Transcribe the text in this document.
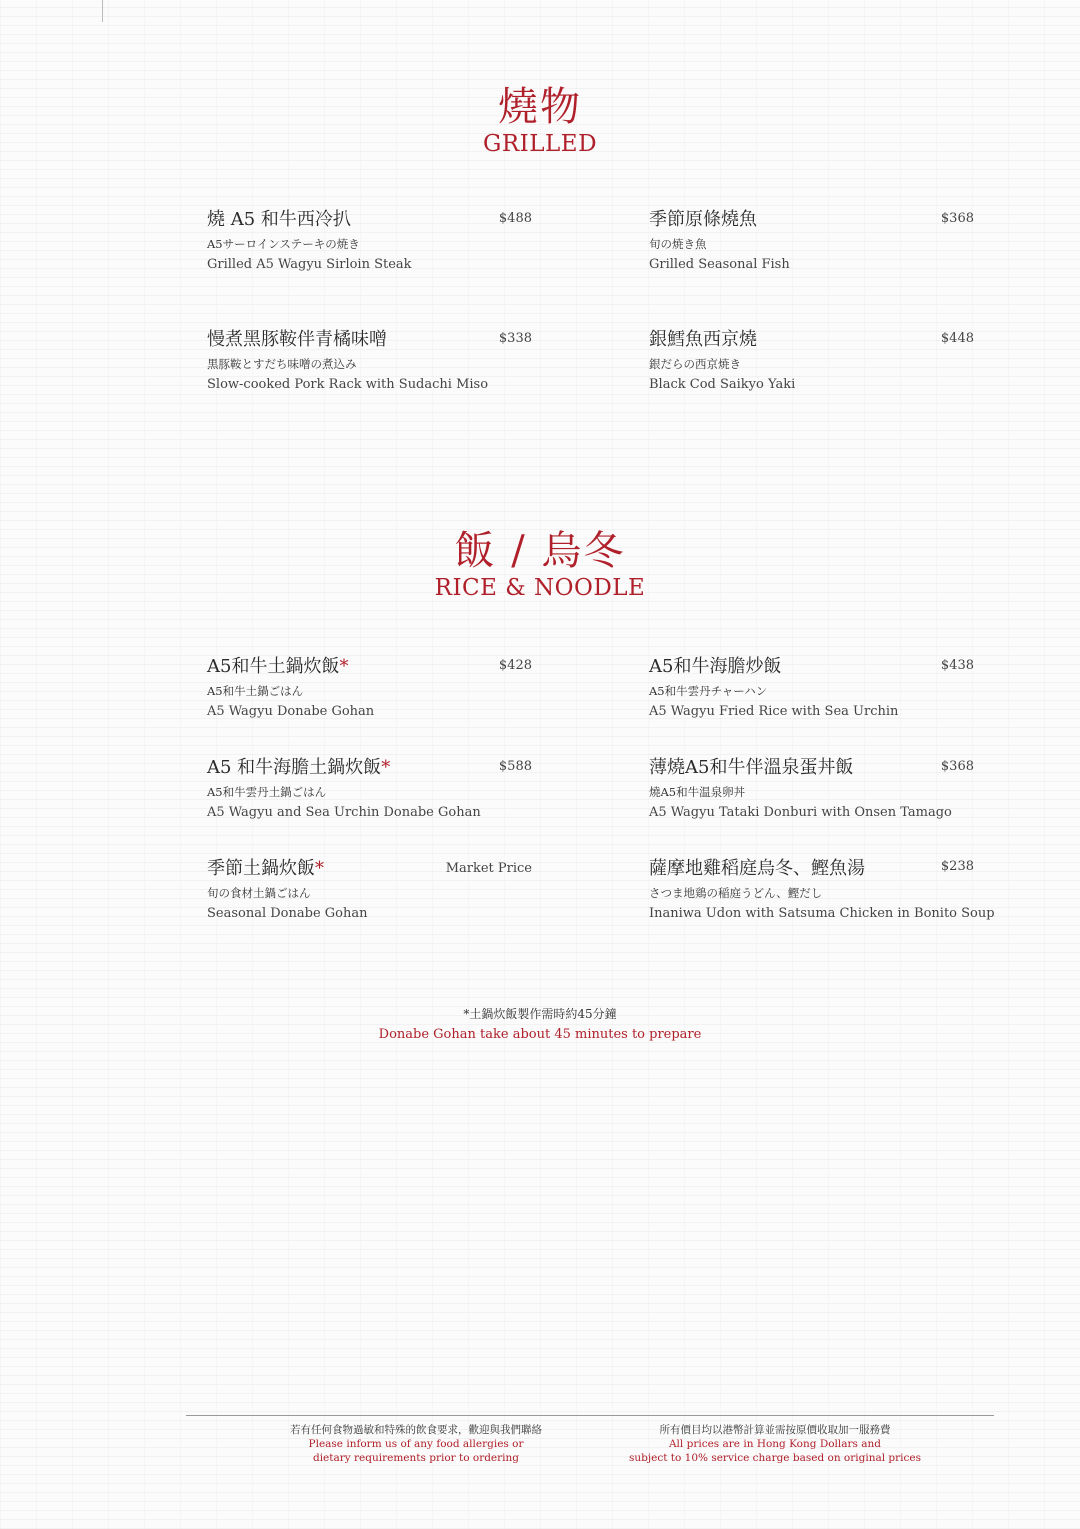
燒物
GRILLED
燒 A5 和牛西冷扒
A5サーロインステーキの焼き
Grilled A5 Wagyu Sirloin Steak
$488	季節原條燒魚
旬の焼き魚
Grilled Seasonal Fish
$368
慢煮黑豚鞍伴青橘味噌
黒豚鞍とすだち味噌の煮込み
Slow-cooked Pork Rack with Sudachi Miso
$338	銀鱈魚西京燒
銀だらの西京焼き
Black Cod Saikyo Yaki
$448
飯 / 烏冬
RICE & NOODLE
A5和牛土鍋炊飯*
A5和牛土鍋ごはん
A5 Wagyu Donabe Gohan
$428	A5和牛海膽炒飯
A5和牛雲丹チャーハン
A5 Wagyu Fried Rice with Sea Urchin
$438
A5 和牛海膽土鍋炊飯*
A5和牛雲丹土鍋ごはん
A5 Wagyu and Sea Urchin Donabe Gohan
$588	薄燒A5和牛伴溫泉蛋丼飯
燒A5和牛温泉卵丼
A5 Wagyu Tataki Donburi with Onsen Tamago
$368
季節土鍋炊飯*
旬の食材土鍋ごはん
Seasonal Donabe Gohan
Market Price	薩摩地雞稻庭烏冬、鰹魚湯
さつま地鶏の稲庭うどん、鰹だし
Inaniwa Udon with Satsuma Chicken in Bonito Soup
$238
*土鍋炊飯製作需時約45分鐘
Donabe Gohan take about 45 minutes to prepare
若有任何食物過敏和特殊的飲食要求，歡迎與我們聯絡
Please inform us of any food allergies or
dietary requirements prior to ordering
所有價目均以港幣計算並需按原價收取加一服務費
All prices are in Hong Kong Dollars and
subject to 10% service charge based on original prices
